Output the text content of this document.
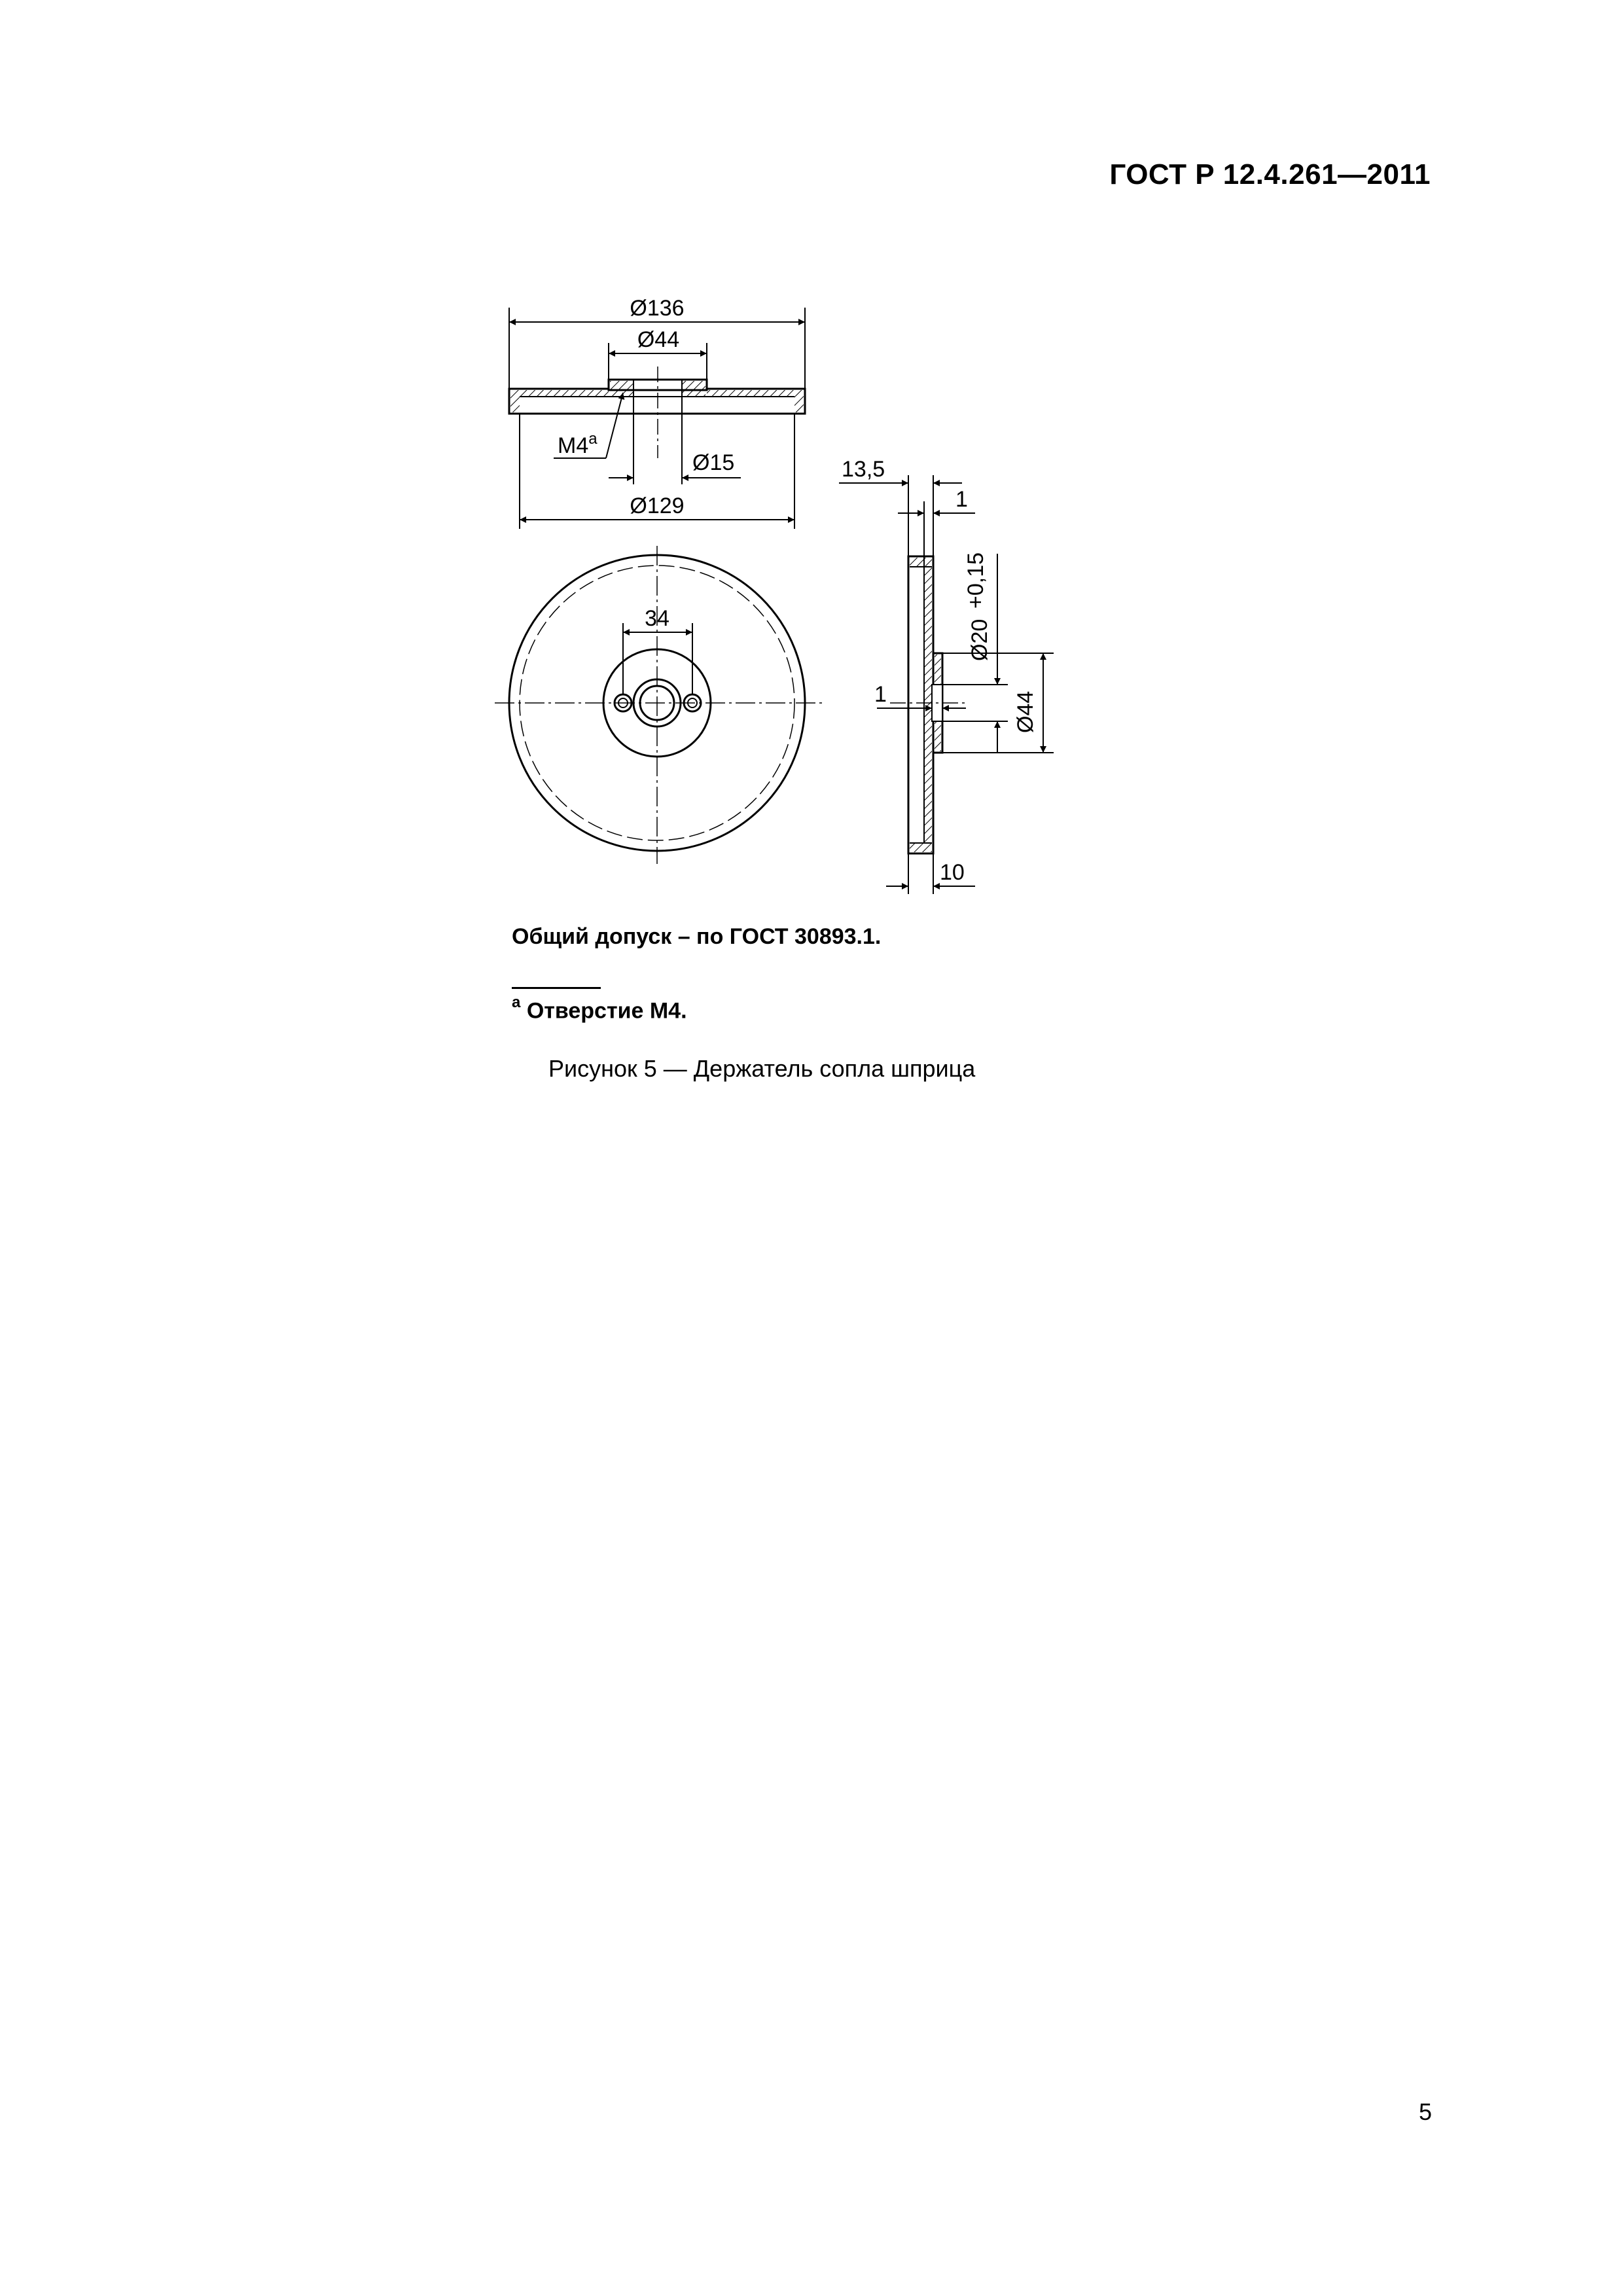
ГОСТ Р 12.4.261—2011
Ø136
Ø44
M4$^a$
Ø15
Ø129
34
13,5
1
Ø20
+0,15
Ø44
1
10
Общий допуск – по ГОСТ 30893.1.
$^a$ Отверстие M4.
Рисунок 5 — Держатель сопла шприца
5
